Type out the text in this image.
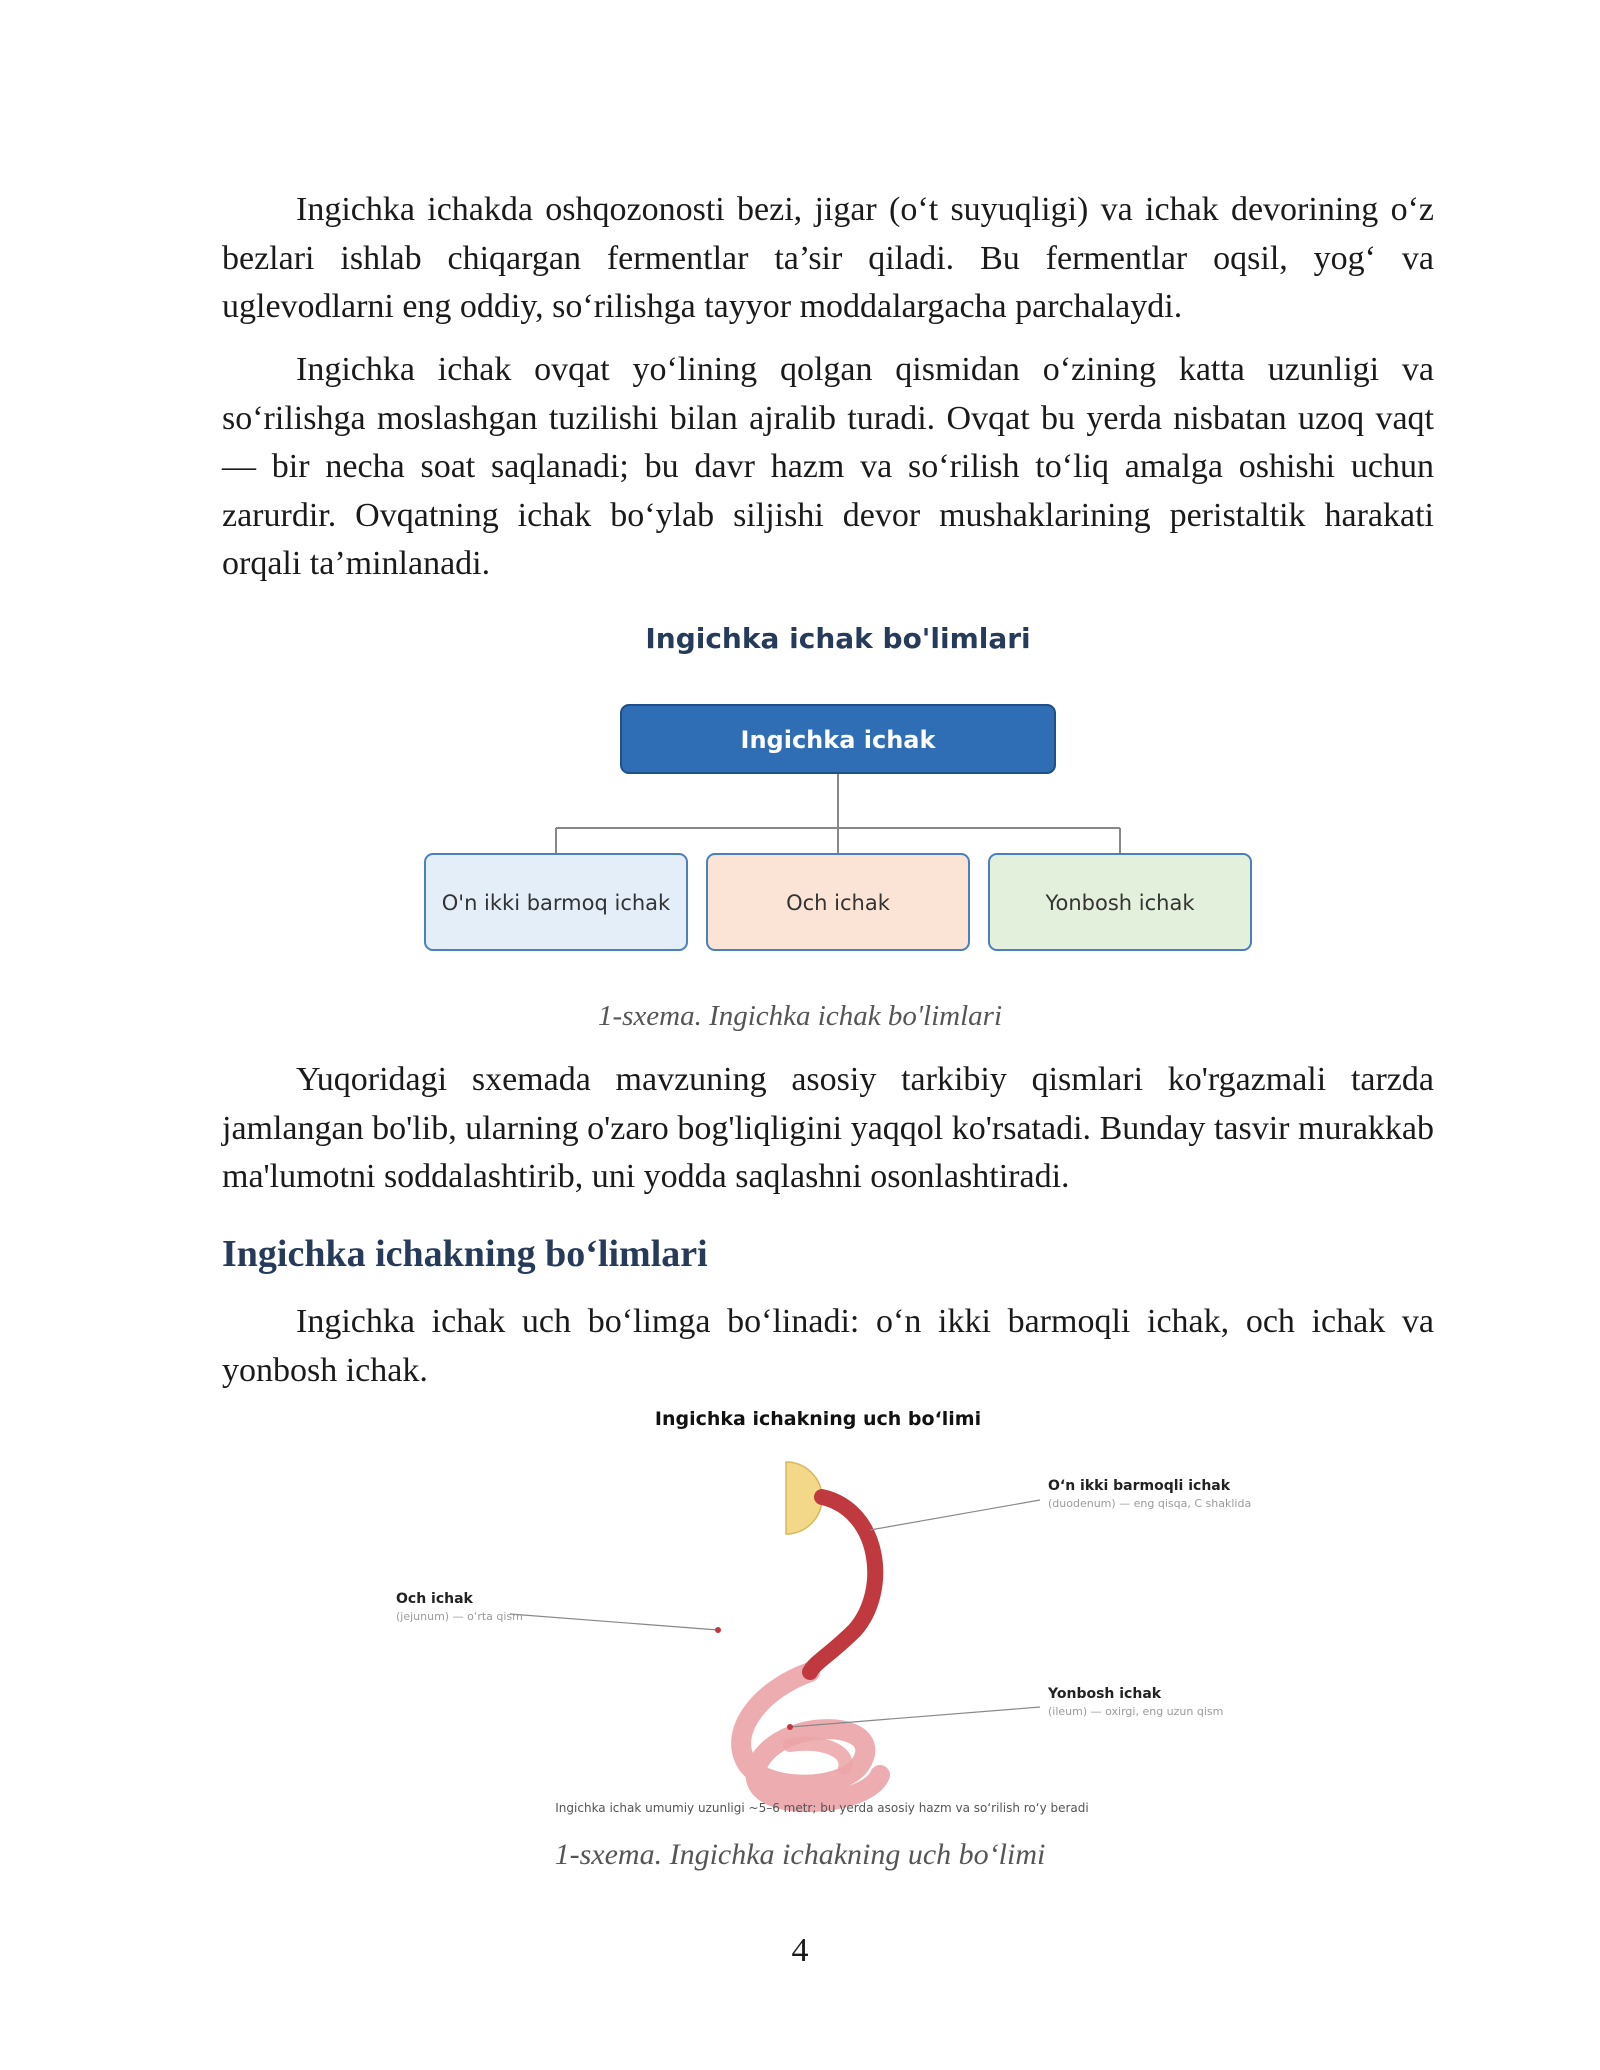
Ingichka ichakda oshqozonosti bezi, jigar (o‘t suyuqligi) va ichak devorining o‘z bezlari ishlab chiqargan fermentlar ta’sir qiladi. Bu fermentlar oqsil, yog‘ va uglevodlarni eng oddiy, so‘rilishga tayyor moddalargacha parchalaydi.

Ingichka ichak ovqat yo‘lining qolgan qismidan o‘zining katta uzunligi va so‘rilishga moslashgan tuzilishi bilan ajralib turadi. Ovqat bu yerda nisbatan uzoq vaqt — bir necha soat saqlanadi; bu davr hazm va so‘rilish to‘liq amalga oshishi uchun zarurdir. Ovqatning ichak bo‘ylab siljishi devor mushaklarining peristaltik harakati orqali ta’minlanadi.

Ingichka ichak bo'limlari
Ingichka ichak
O'n ikki barmoq ichak	Och ichak	Yonbosh ichak
1-sxema. Ingichka ichak bo'limlari

Yuqoridagi sxemada mavzuning asosiy tarkibiy qismlari ko'rgazmali tarzda jamlangan bo'lib, ularning o'zaro bog'liqligini yaqqol ko'rsatadi. Bunday tasvir murakkab ma'lumotni soddalashtirib, uni yodda saqlashni osonlashtiradi.

Ingichka ichakning bo‘limlari

Ingichka ichak uch bo‘limga bo‘linadi: o‘n ikki barmoqli ichak, och ichak va yonbosh ichak.

Ingichka ichakning uch bo‘limi
O‘n ikki barmoqli ichak
(duodenum) — eng qisqa, C shaklida
Och ichak
(jejunum) — o‘rta qism
Yonbosh ichak
(ileum) — oxirgi, eng uzun qism
Ingichka ichak umumiy uzunligi ~5–6 metr; bu yerda asosiy hazm va so‘rilish ro‘y beradi
1-sxema. Ingichka ichakning uch bo‘limi
4
